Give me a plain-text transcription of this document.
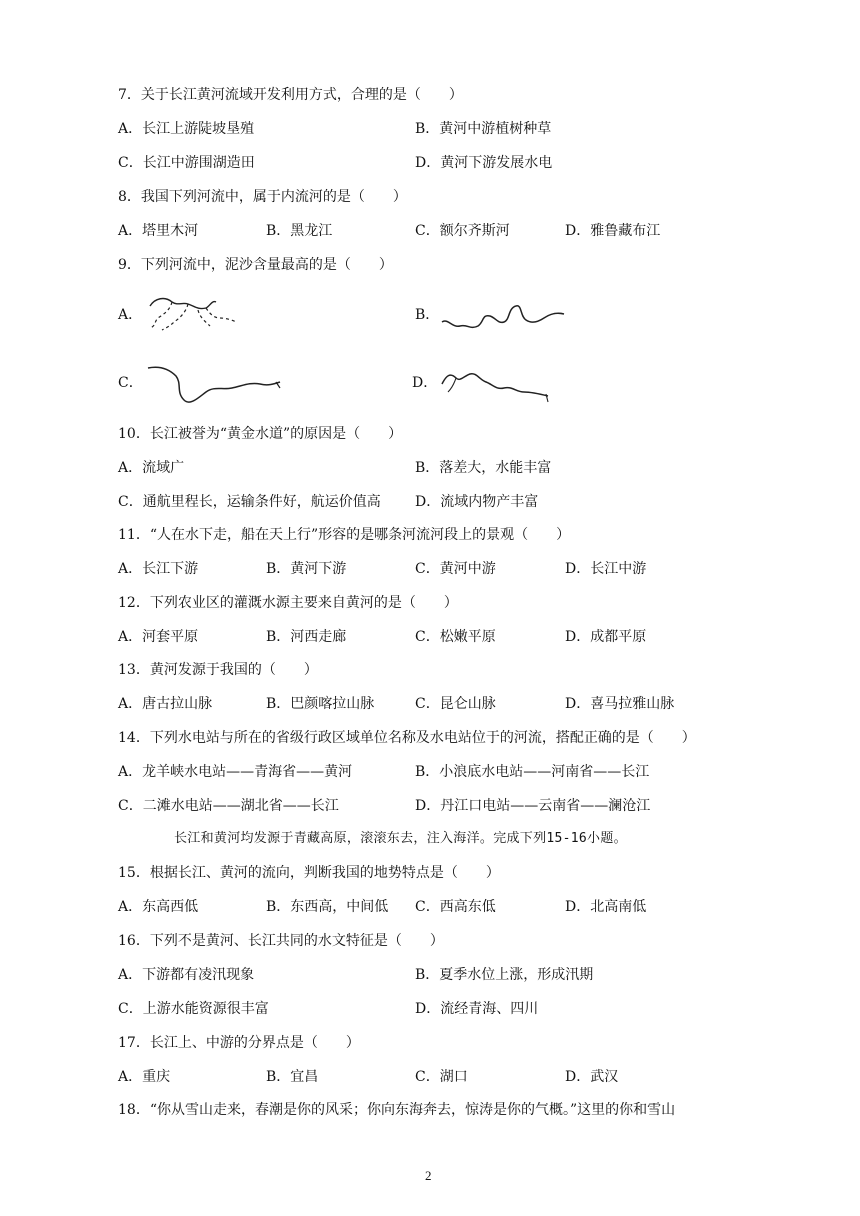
7．关于长江黄河流域开发利用方式，合理的是（　　）
A．长江上游陡坡垦殖	B．黄河中游植树种草
C．长江中游围湖造田	D．黄河下游发展水电
8．我国下列河流中，属于内流河的是（　　）
A．塔里木河	B．黑龙江	C．额尔齐斯河	D．雅鲁藏布江
9．下列河流中，泥沙含量最高的是（　　）
A．	B．
C．	D．
10．长江被誉为“黄金水道”的原因是（　　）
A．流域广	B．落差大，水能丰富
C．通航里程长，运输条件好，航运价值高 D．流域内物产丰富
11．“人在水下走，船在天上行”形容的是哪条河流河段上的景观（　　）
A．长江下游	B．黄河下游	C．黄河中游	D．长江中游
12．下列农业区的灌溉水源主要来自黄河的是（　　）
A．河套平原	B．河西走廊	C．松嫩平原	D．成都平原
13．黄河发源于我国的（　　）
A．唐古拉山脉	B．巴颜喀拉山脉	C．昆仑山脉	D．喜马拉雅山脉
14．下列水电站与所在的省级行政区域单位名称及水电站位于的河流，搭配正确的是（　　）
A．龙羊峡水电站——青海省——黄河	B．小浪底水电站——河南省——长江
C．二滩水电站——湖北省——长江	D．丹江口电站——云南省——澜沧江
长江和黄河均发源于青藏高原，滚滚东去，注入海洋。完成下列15-16小题。
15．根据长江、黄河的流向，判断我国的地势特点是（　　）
A．东高西低	B．东西高，中间低 C．西高东低	D．北高南低
16．下列不是黄河、长江共同的水文特征是（　　）
A．下游都有凌汛现象	B．夏季水位上涨，形成汛期
C．上游水能资源很丰富	D．流经青海、四川
17．长江上、中游的分界点是（　　）
A．重庆	B．宜昌	C．湖口	D．武汉
18．“你从雪山走来，春潮是你的风采；你向东海奔去，惊涛是你的气概。”这里的你和雪山
2
